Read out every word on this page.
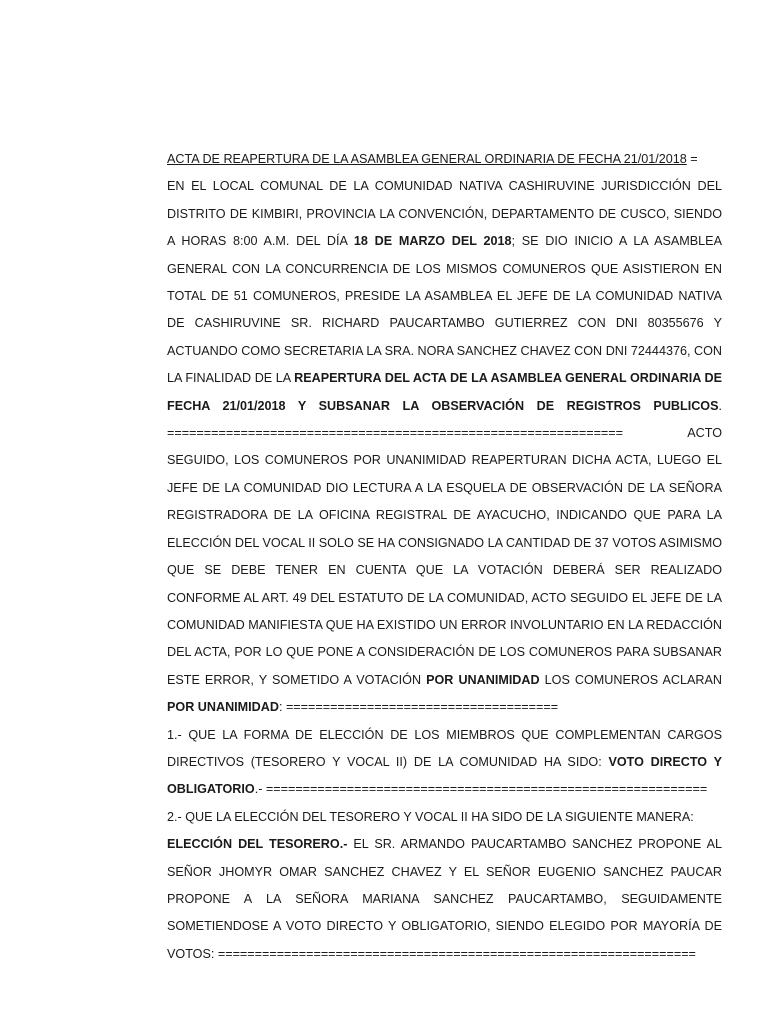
ACTA DE REAPERTURA DE LA ASAMBLEA GENERAL ORDINARIA DE FECHA 21/01/2018 =

EN EL LOCAL COMUNAL DE LA COMUNIDAD NATIVA CASHIRUVINE JURISDICCIÓN DEL DISTRITO DE KIMBIRI, PROVINCIA LA CONVENCIÓN, DEPARTAMENTO DE CUSCO, SIENDO A HORAS 8:00 A.M. DEL DÍA 18 DE MARZO DEL 2018; SE DIO INICIO A LA ASAMBLEA GENERAL CON LA CONCURRENCIA DE LOS MISMOS COMUNEROS QUE ASISTIERON EN TOTAL DE 51 COMUNEROS, PRESIDE LA ASAMBLEA EL JEFE DE LA COMUNIDAD NATIVA DE CASHIRUVINE SR. RICHARD PAUCARTAMBO GUTIERREZ CON DNI 80355676 Y ACTUANDO COMO SECRETARIA LA SRA. NORA SANCHEZ CHAVEZ CON DNI 72444376, CON LA FINALIDAD DE LA REAPERTURA DEL ACTA DE LA ASAMBLEA GENERAL ORDINARIA DE FECHA 21/01/2018 Y SUBSANAR LA OBSERVACIÓN DE REGISTROS PUBLICOS. ============================================================== ACTO SEGUIDO, LOS COMUNEROS POR UNANIMIDAD REAPERTURAN DICHA ACTA, LUEGO EL JEFE DE LA COMUNIDAD DIO LECTURA A LA ESQUELA DE OBSERVACIÓN DE LA SEÑORA REGISTRADORA DE LA OFICINA REGISTRAL DE AYACUCHO, INDICANDO QUE PARA LA ELECCIÓN DEL VOCAL II SOLO SE HA CONSIGNADO LA CANTIDAD DE 37 VOTOS ASIMISMO QUE SE DEBE TENER EN CUENTA QUE LA VOTACIÓN DEBERÁ SER REALIZADO CONFORME AL ART. 49 DEL ESTATUTO DE LA COMUNIDAD, ACTO SEGUIDO EL JEFE DE LA COMUNIDAD MANIFIESTA QUE HA EXISTIDO UN ERROR INVOLUNTARIO EN LA REDACCIÓN DEL ACTA, POR LO QUE PONE A CONSIDERACIÓN DE LOS COMUNEROS PARA SUBSANAR ESTE ERROR, Y SOMETIDO A VOTACIÓN POR UNANIMIDAD LOS COMUNEROS ACLARAN POR UNANIMIDAD: =====================================

1.- QUE LA FORMA DE ELECCIÓN DE LOS MIEMBROS QUE COMPLEMENTAN CARGOS DIRECTIVOS (TESORERO Y VOCAL II) DE LA COMUNIDAD HA SIDO: VOTO DIRECTO Y OBLIGATORIO.- ============================================================

2.- QUE LA ELECCIÓN DEL TESORERO Y VOCAL II HA SIDO DE LA SIGUIENTE MANERA:

ELECCIÓN DEL TESORERO.- EL SR. ARMANDO PAUCARTAMBO SANCHEZ PROPONE AL SEÑOR JHOMYR OMAR SANCHEZ CHAVEZ Y EL SEÑOR EUGENIO SANCHEZ PAUCAR PROPONE A LA SEÑORA MARIANA SANCHEZ PAUCARTAMBO, SEGUIDAMENTE SOMETIENDOSE A VOTO DIRECTO Y OBLIGATORIO, SIENDO ELEGIDO POR MAYORÍA DE VOTOS: =================================================================
